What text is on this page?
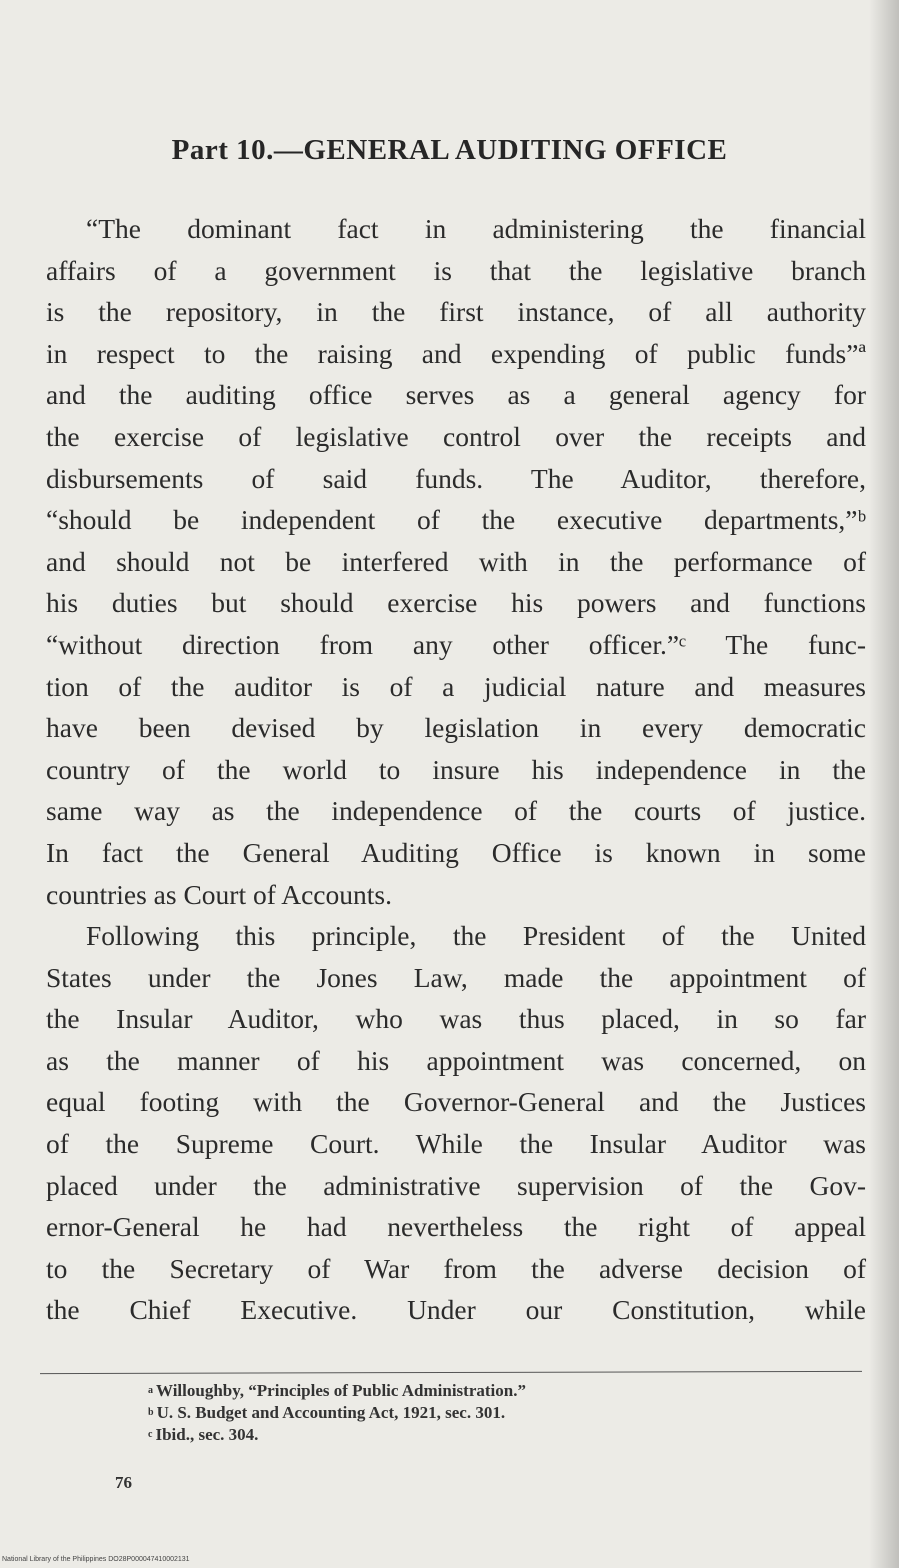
Part 10.—GENERAL AUDITING OFFICE
“The dominant fact in administering the financial
affairs of a government is that the legislative branch
is the repository, in the first instance, of all authority
in respect to the raising and expending of public funds”ª
and the auditing office serves as a general agency for
the exercise of legislative control over the receipts and
disbursements of said funds. The Auditor, therefore,
“should be independent of the executive departments,”ᵇ
and should not be interfered with in the performance of
his duties but should exercise his powers and functions
“without direction from any other officer.”ᶜ The func-
tion of the auditor is of a judicial nature and measures
have been devised by legislation in every democratic
country of the world to insure his independence in the
same way as the independence of the courts of justice.
In fact the General Auditing Office is known in some
countries as Court of Accounts.
Following this principle, the President of the United
States under the Jones Law, made the appointment of
the Insular Auditor, who was thus placed, in so far
as the manner of his appointment was concerned, on
equal footing with the Governor-General and the Justices
of the Supreme Court. While the Insular Auditor was
placed under the administrative supervision of the Gov-
ernor-General he had nevertheless the right of appeal
to the Secretary of War from the adverse decision of
the Chief Executive. Under our Constitution, while
$^a$ Willoughby, “Principles of Public Administration.”
$^b$ U. S. Budget and Accounting Act, 1921, sec. 301.
$^c$ Ibid., sec. 304.
76
National Library of the Philippines DO28P000047410002131
